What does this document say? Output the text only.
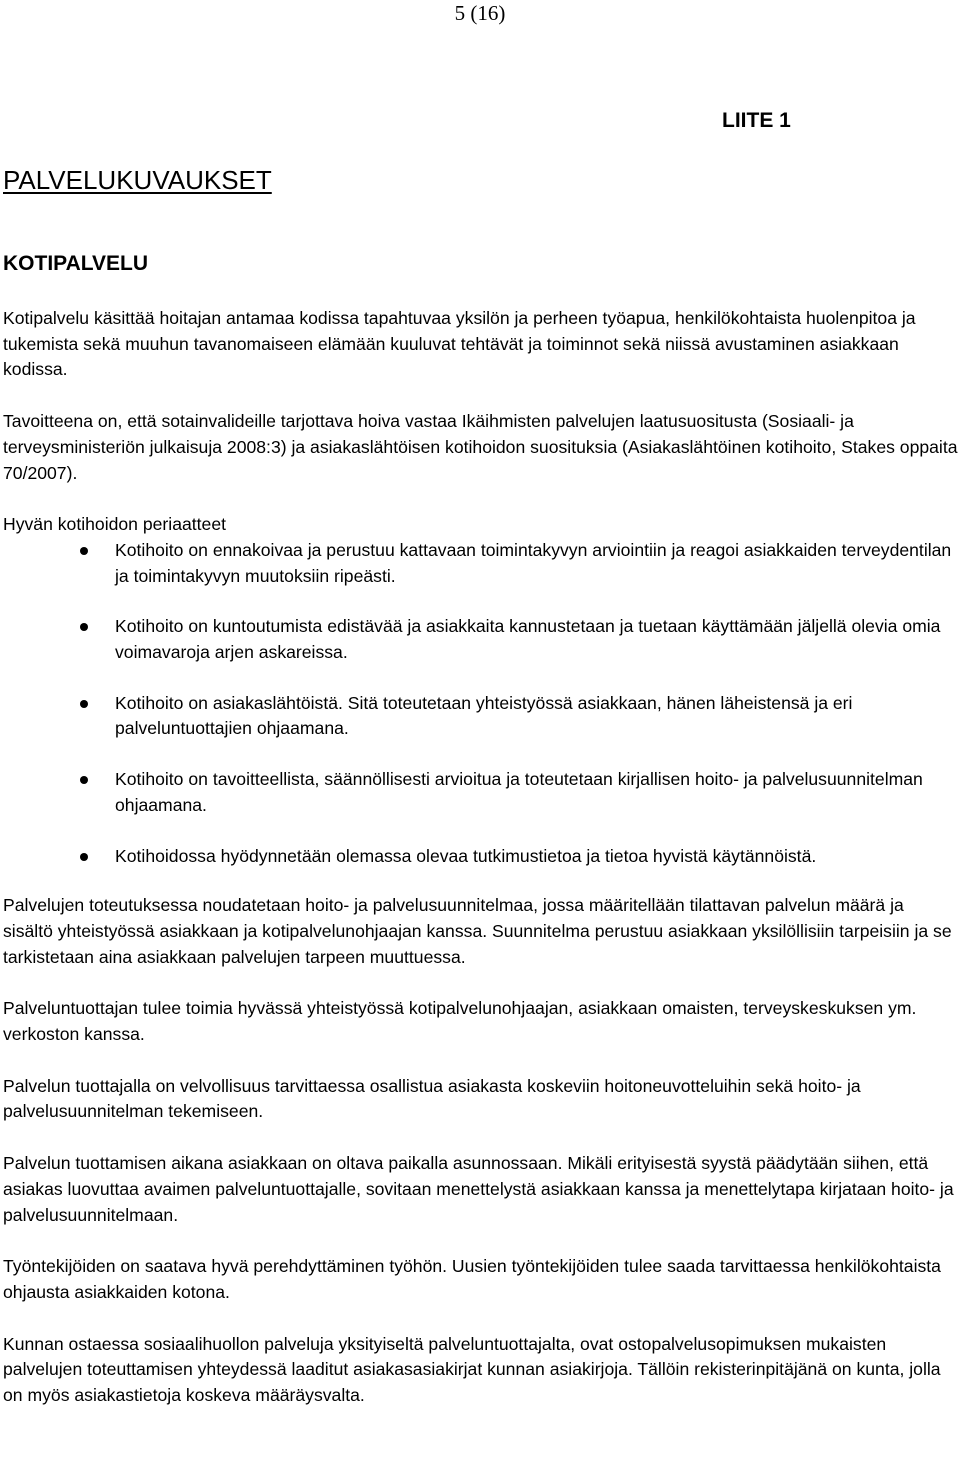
5 (16)
LIITE 1
PALVELUKUVAUKSET
KOTIPALVELU

Kotipalvelu käsittää hoitajan antamaa kodissa tapahtuvaa yksilön ja perheen työapua, henkilökohtaista huolenpitoa ja tukemista sekä muuhun tavanomaiseen elämään kuuluvat tehtävät ja toiminnot sekä niissä avustaminen asiakkaan kodissa.

Tavoitteena on, että sotainvalideille tarjottava hoiva vastaa Ikäihmisten palvelujen laatusuositusta (Sosiaali- ja terveysministeriön julkaisuja 2008:3) ja asiakaslähtöisen kotihoidon suosituksia (Asiakaslähtöinen kotihoito, Stakes oppaita 70/2007).

Hyvän kotihoidon periaatteet

Kotihoito on ennakoivaa ja perustuu kattavaan toimintakyvyn arviointiin ja reagoi asiakkaiden terveydentilan ja toimintakyvyn muutoksiin ripeästi.
Kotihoito on kuntoutumista edistävää ja asiakkaita kannustetaan ja tuetaan käyttämään jäljellä olevia omia voimavaroja arjen askareissa.
Kotihoito on asiakaslähtöistä. Sitä toteutetaan yhteistyössä asiakkaan, hänen läheistensä ja eri palveluntuottajien ohjaamana.
Kotihoito on tavoitteellista, säännöllisesti arvioitua ja toteutetaan kirjallisen hoito- ja palvelusuunnitelman ohjaamana.
Kotihoidossa hyödynnetään olemassa olevaa tutkimustietoa ja tietoa hyvistä käytännöistä.

Palvelujen toteutuksessa noudatetaan hoito- ja palvelusuunnitelmaa, jossa määritellään tilattavan palvelun määrä ja sisältö yhteistyössä asiakkaan ja kotipalvelunohjaajan kanssa. Suunnitelma perustuu asiakkaan yksilöllisiin tarpeisiin ja se tarkistetaan aina asiakkaan palvelujen tarpeen muuttuessa.

Palveluntuottajan tulee toimia hyvässä yhteistyössä kotipalvelunohjaajan, asiakkaan omaisten, terveyskeskuksen ym. verkoston kanssa.

Palvelun tuottajalla on velvollisuus tarvittaessa osallistua asiakasta koskeviin hoitoneuvotteluihin sekä hoito- ja palvelusuunnitelman tekemiseen.

Palvelun tuottamisen aikana asiakkaan on oltava paikalla asunnossaan. Mikäli erityisestä syystä päädytään siihen, että asiakas luovuttaa avaimen palveluntuottajalle, sovitaan menettelystä asiakkaan kanssa ja menettelytapa kirjataan hoito- ja palvelusuunnitelmaan.

Työntekijöiden on saatava hyvä perehdyttäminen työhön. Uusien työntekijöiden tulee saada tarvittaessa henkilökohtaista ohjausta asiakkaiden kotona.

Kunnan ostaessa sosiaalihuollon palveluja yksityiseltä palveluntuottajalta, ovat ostopalvelusopimuksen mukaisten palvelujen toteuttamisen yhteydessä laaditut asiakasasiakirjat kunnan asiakirjoja. Tällöin rekisterinpitäjänä on kunta, jolla on myös asiakastietoja koskeva määräysvalta.
